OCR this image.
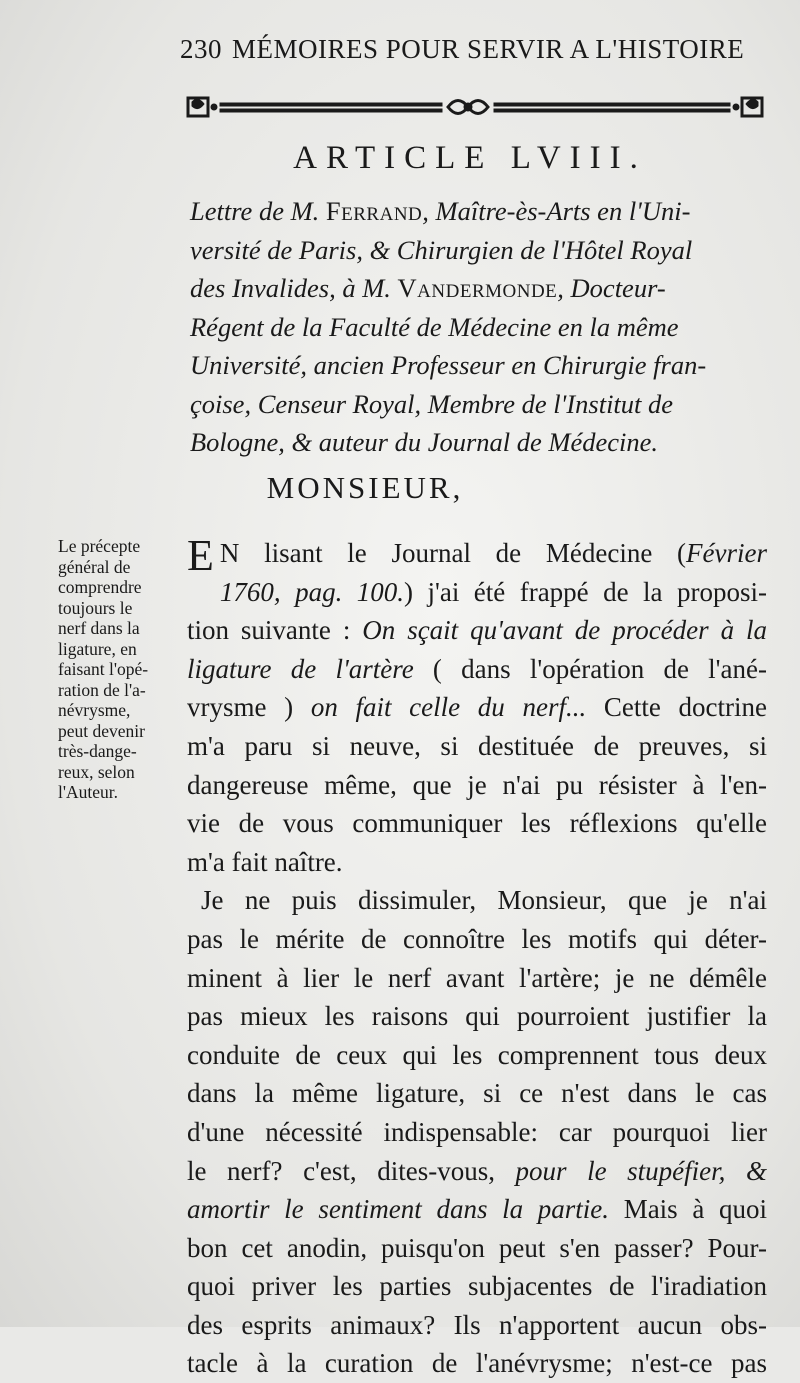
230 MÉMOIRES POUR SERVIR A L'HISTOIRE
ARTICLE LVIII.
Lettre de M. Ferrand, Maître-ès-Arts en l'Uni-
versité de Paris, & Chirurgien de l'Hôtel Royal
des Invalides, à M. Vandermonde, Docteur-
Régent de la Faculté de Médecine en la même
Université, ancien Professeur en Chirurgie fran-
çoise, Censeur Royal, Membre de l'Institut de
Bologne, & auteur du Journal de Médecine.
MONSIEUR,
Le précepte
général de
comprendre
toujours le
nerf dans la
ligature, en
faisant l'opé-
ration de l'a-
névrysme,
peut devenir
très-dange-
reux, selon
l'Auteur.
E N lisant le Journal de Médecine (Février
1760, pag. 100.) j'ai été frappé de la proposi-
tion suivante : On sçait qu'avant de procéder à la
ligature de l'artère ( dans l'opération de l'ané-
vrysme ) on fait celle du nerf... Cette doctrine
m'a paru si neuve, si destituée de preuves, si
dangereuse même, que je n'ai pu résister à l'en-
vie de vous communiquer les réflexions qu'elle
m'a fait naître.
Je ne puis dissimuler, Monsieur, que je n'ai
pas le mérite de connoître les motifs qui déter-
minent à lier le nerf avant l'artère; je ne démêle
pas mieux les raisons qui pourroient justifier la
conduite de ceux qui les comprennent tous deux
dans la même ligature, si ce n'est dans le cas
d'une nécessité indispensable: car pourquoi lier
le nerf? c'est, dites-vous, pour le stupéfier, &
amortir le sentiment dans la partie. Mais à quoi
bon cet anodin, puisqu'on peut s'en passer? Pour-
quoi priver les parties subjacentes de l'iradiation
des esprits animaux? Ils n'apportent aucun obs-
tacle à la curation de l'anévrysme; n'est-ce pas
